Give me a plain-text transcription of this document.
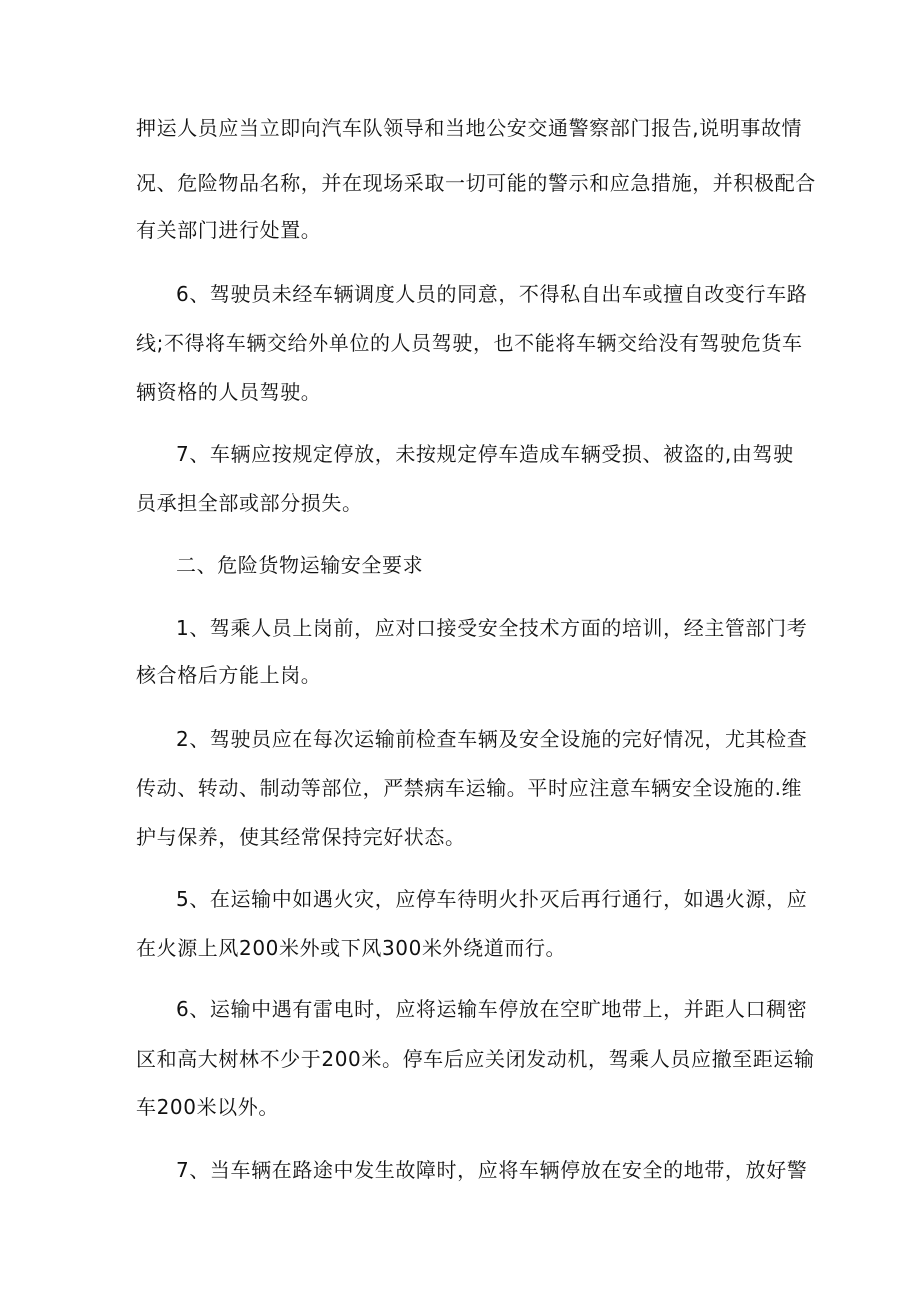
押运人员应当立即向汽车队领导和当地公安交通警察部门报告,说明事故情
况、危险物品名称，并在现场采取一切可能的警示和应急措施，并积极配合
有关部门进行处置。
6、驾驶员未经车辆调度人员的同意，不得私自出车或擅自改变行车路
线;不得将车辆交给外单位的人员驾驶，也不能将车辆交给没有驾驶危货车
辆资格的人员驾驶。
7、车辆应按规定停放，未按规定停车造成车辆受损、被盗的,由驾驶
员承担全部或部分损失。
二、危险货物运输安全要求
1、驾乘人员上岗前，应对口接受安全技术方面的培训，经主管部门考
核合格后方能上岗。
2、驾驶员应在每次运输前检查车辆及安全设施的完好情况，尤其检查
传动、转动、制动等部位，严禁病车运输。平时应注意车辆安全设施的.维
护与保养，使其经常保持完好状态。
5、在运输中如遇火灾，应停车待明火扑灭后再行通行，如遇火源，应
在火源上风200米外或下风300米外绕道而行。
6、运输中遇有雷电时，应将运输车停放在空旷地带上，并距人口稠密
区和高大树林不少于200米。停车后应关闭发动机，驾乘人员应撤至距运输
车200米以外。
7、当车辆在路途中发生故障时，应将车辆停放在安全的地带，放好警
